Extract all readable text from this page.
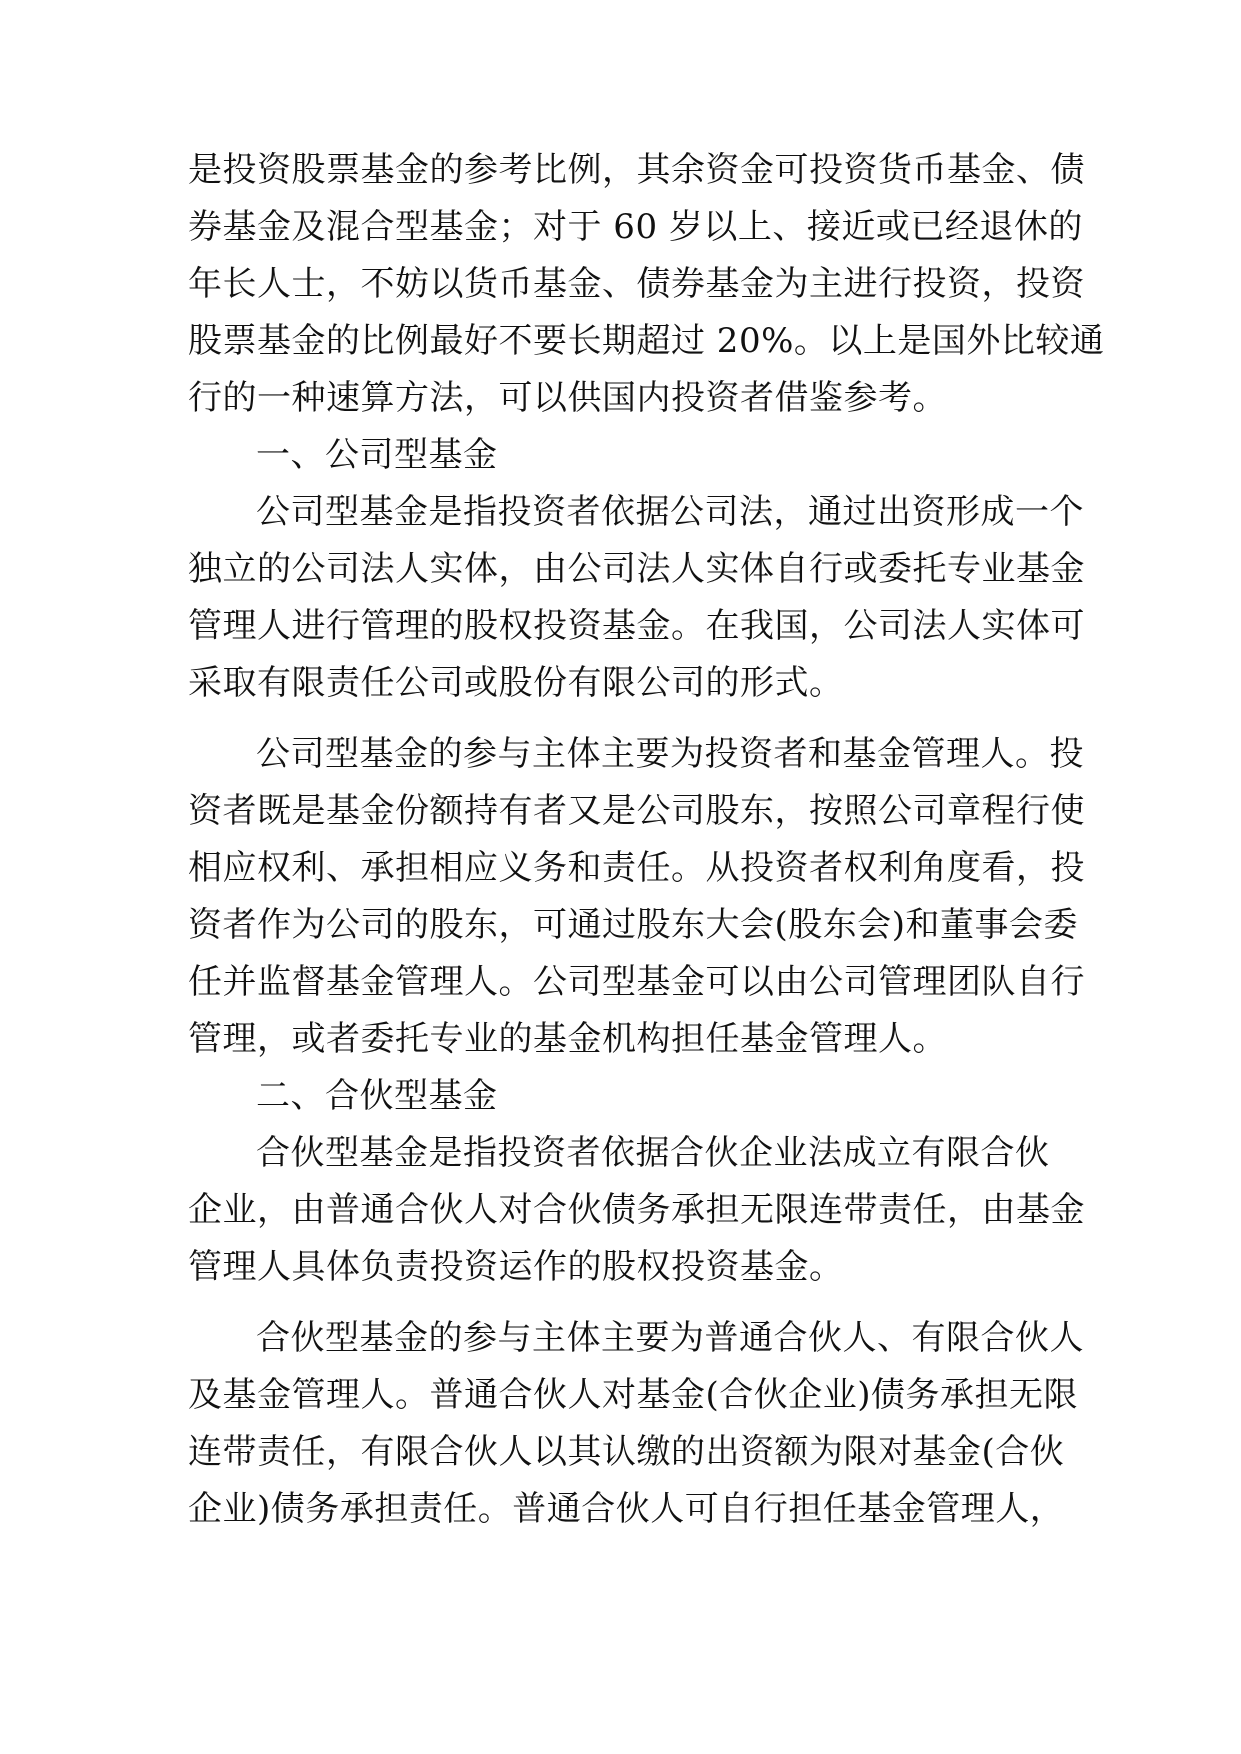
是投资股票基金的参考比例，其余资金可投资货币基金、债
券基金及混合型基金；对于 60 岁以上、接近或已经退休的
年长人士，不妨以货币基金、债券基金为主进行投资，投资
股票基金的比例最好不要长期超过 20%。以上是国外比较通
行的一种速算方法，可以供国内投资者借鉴参考。
一、公司型基金
公司型基金是指投资者依据公司法，通过出资形成一个
独立的公司法人实体，由公司法人实体自行或委托专业基金
管理人进行管理的股权投资基金。在我国，公司法人实体可
采取有限责任公司或股份有限公司的形式。
公司型基金的参与主体主要为投资者和基金管理人。投
资者既是基金份额持有者又是公司股东，按照公司章程行使
相应权利、承担相应义务和责任。从投资者权利角度看，投
资者作为公司的股东，可通过股东大会(股东会)和董事会委
任并监督基金管理人。公司型基金可以由公司管理团队自行
管理，或者委托专业的基金机构担任基金管理人。
二、合伙型基金
合伙型基金是指投资者依据合伙企业法成立有限合伙
企业，由普通合伙人对合伙债务承担无限连带责任，由基金
管理人具体负责投资运作的股权投资基金。
合伙型基金的参与主体主要为普通合伙人、有限合伙人
及基金管理人。普通合伙人对基金(合伙企业)债务承担无限
连带责任，有限合伙人以其认缴的出资额为限对基金(合伙
企业)债务承担责任。普通合伙人可自行担任基金管理人，
